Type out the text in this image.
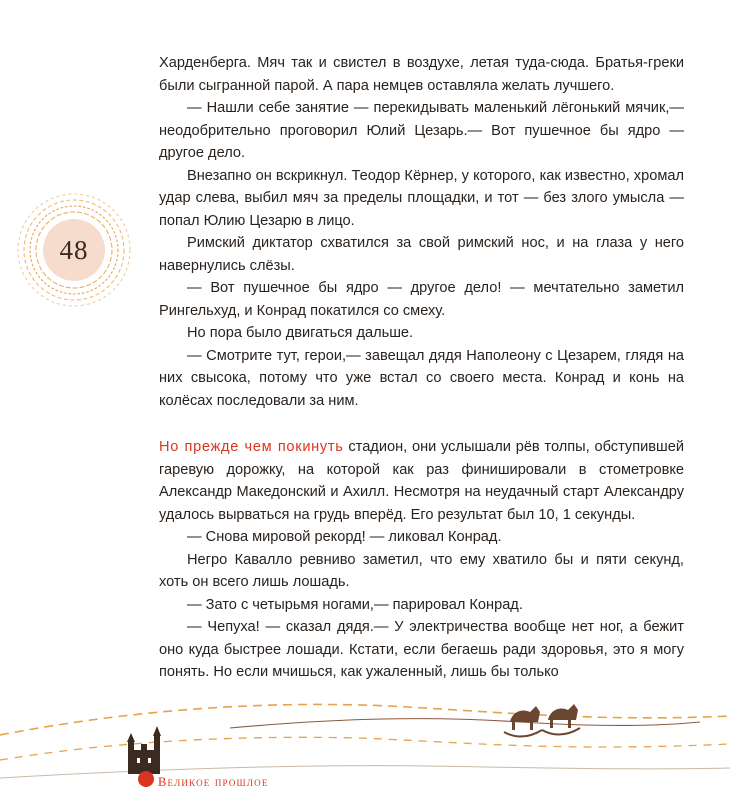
48

Харденберга. Мяч так и свистел в воздухе, летая туда-сюда. Братья-греки были сыгранной парой. А пара немцев оставляла желать лучшего.

— Нашли себе занятие — перекидывать маленький лёгонький мячик,— неодобрительно проговорил Юлий Цезарь.— Вот пушечное бы ядро — другое дело.

Внезапно он вскрикнул. Теодор Кёрнер, у которого, как известно, хромал удар слева, выбил мяч за пределы площадки, и тот — без злого умысла — попал Юлию Цезарю в лицо.

Римский диктатор схватился за свой римский нос, и на глаза у него навернулись слёзы.

— Вот пушечное бы ядро — другое дело! — мечтательно заметил Рингельхуд, и Конрад покатился со смеху.

Но пора было двигаться дальше.

— Смотрите тут, герои,— завещал дядя Наполеону с Цезарем, глядя на них свысока, потому что уже встал со своего места. Конрад и конь на колёсах последовали за ним.

Но прежде чем покинуть стадион, они услышали рёв толпы, обступившей гаревую дорожку, на которой как раз финишировали в стометровке Александр Македонский и Ахилл. Несмотря на неудачный старт Александру удалось вырваться на грудь вперёд. Его результат был 10, 1 секунды.

— Снова мировой рекорд! — ликовал Конрад.

Негро Кавалло ревниво заметил, что ему хватило бы и пяти секунд, хоть он всего лишь лошадь.

— Зато с четырьмя ногами,— парировал Конрад.

— Чепуха! — сказал дядя.— У электричества вообще нет ног, а бежит оно куда быстрее лошади. Кстати, если бегаешь ради здоровья, это я могу понять. Но если мчишься, как ужаленный, лишь бы только

Великое прошлое
